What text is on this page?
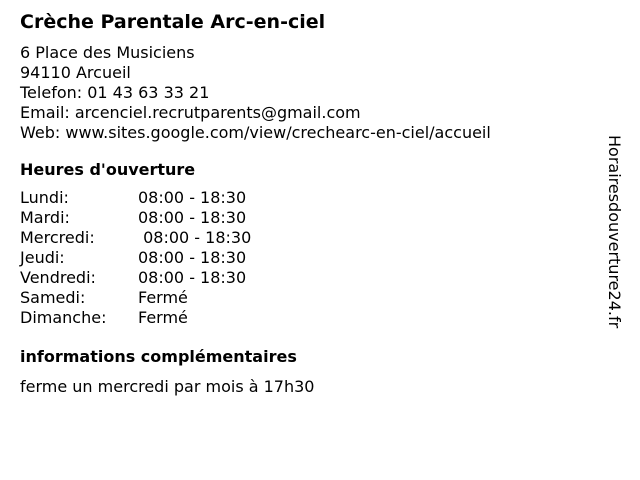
Crèche Parentale Arc-en-ciel
6 Place des Musiciens
94110 Arcueil
Telefon: 01 43 63 33 21
Email: arcenciel.recrutparents@gmail.com
Web: www.sites.google.com/view/crechearc-en-ciel/accueil
Heures d'ouverture
Lundi:	08:00 - 18:30
Mardi:	08:00 - 18:30
Mercredi:	08:00 - 18:30
Jeudi:	08:00 - 18:30
Vendredi:	08:00 - 18:30
Samedi:	Fermé
Dimanche:	Fermé
informations complémentaires
ferme un mercredi par mois à 17h30
Horairesdouverture24.fr
